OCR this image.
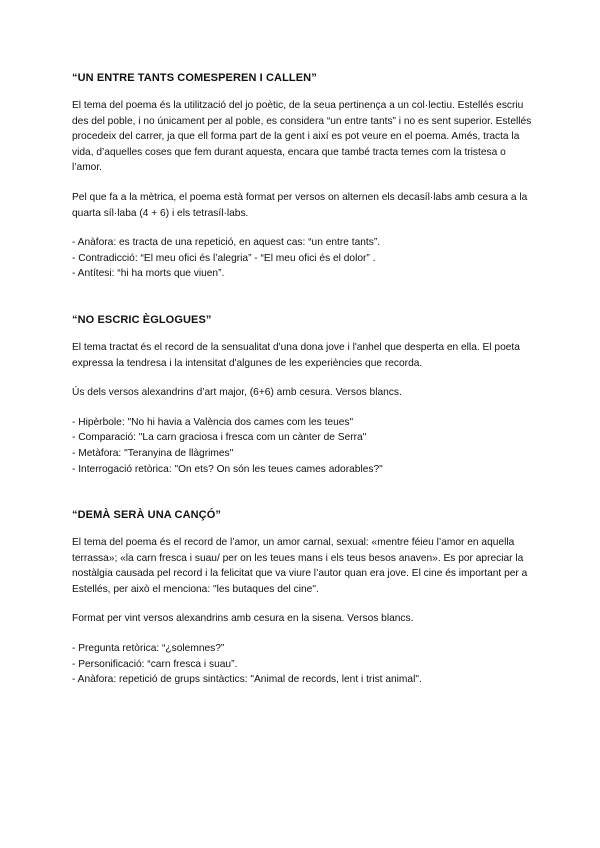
“UN ENTRE TANTS COMESPEREN I CALLEN”

El tema del poema és la utilització del jo poètic, de la seua pertinença a un col·lectiu. Estellés escriu des del poble, i no únicament per al poble, es considera “un entre tants” i no es sent superior. Estellés procedeix del carrer, ja que ell forma part de la gent i així es pot veure en el poema. Amés, tracta la vida, d’aquelles coses que fem durant aquesta, encara que també tracta temes com la tristesa o l’amor.

Pel que fa a la mètrica, el poema està format per versos on alternen els decasíl·labs amb cesura a la quarta síl·laba (4 + 6) i els tetrasíl·labs.

- Anàfora: es tracta de una repetició, en aquest cas: “un entre tants”.
- Contradicció: “El meu ofici és l’alegria” - “El meu ofici és el dolor” .
- Antítesi: “hi ha morts que viuen”.
“NO ESCRIC ÈGLOGUES”

El tema tractat és el record de la sensualitat d'una dona jove i l'anhel que desperta en ella. El poeta expressa la tendresa i la intensitat d'algunes de les experiències que recorda.

Ús dels versos alexandrins d’art major, (6+6) amb cesura. Versos blancs.

- Hipèrbole: "No hi havia a València dos cames com les teues"
- Comparació: "La carn graciosa i fresca com un cànter de Serra"
- Metàfora: "Teranyina de llàgrimes"
- Interrogació retòrica: "On ets? On són les teues cames adorables?"
“DEMÀ SERÀ UNA CANÇÓ”

El tema del poema és el record de l’amor, un amor carnal, sexual: «mentre féieu l’amor en aquella terrassa»; «la carn fresca i suau/ per on les teues mans i els teus besos anaven». Es por apreciar la nostàlgia causada pel record i la felicitat que va viure l’autor quan era jove. El cine és important per a Estellés, per això el menciona: "les butaques del cine".

Format per vint versos alexandrins amb cesura en la sisena. Versos blancs.

- Pregunta retòrica: “¿solemnes?”
- Personificació: “carn fresca i suau”.
- Anàfora: repetició de grups sintàctics: "Animal de records, lent i trist animal".
